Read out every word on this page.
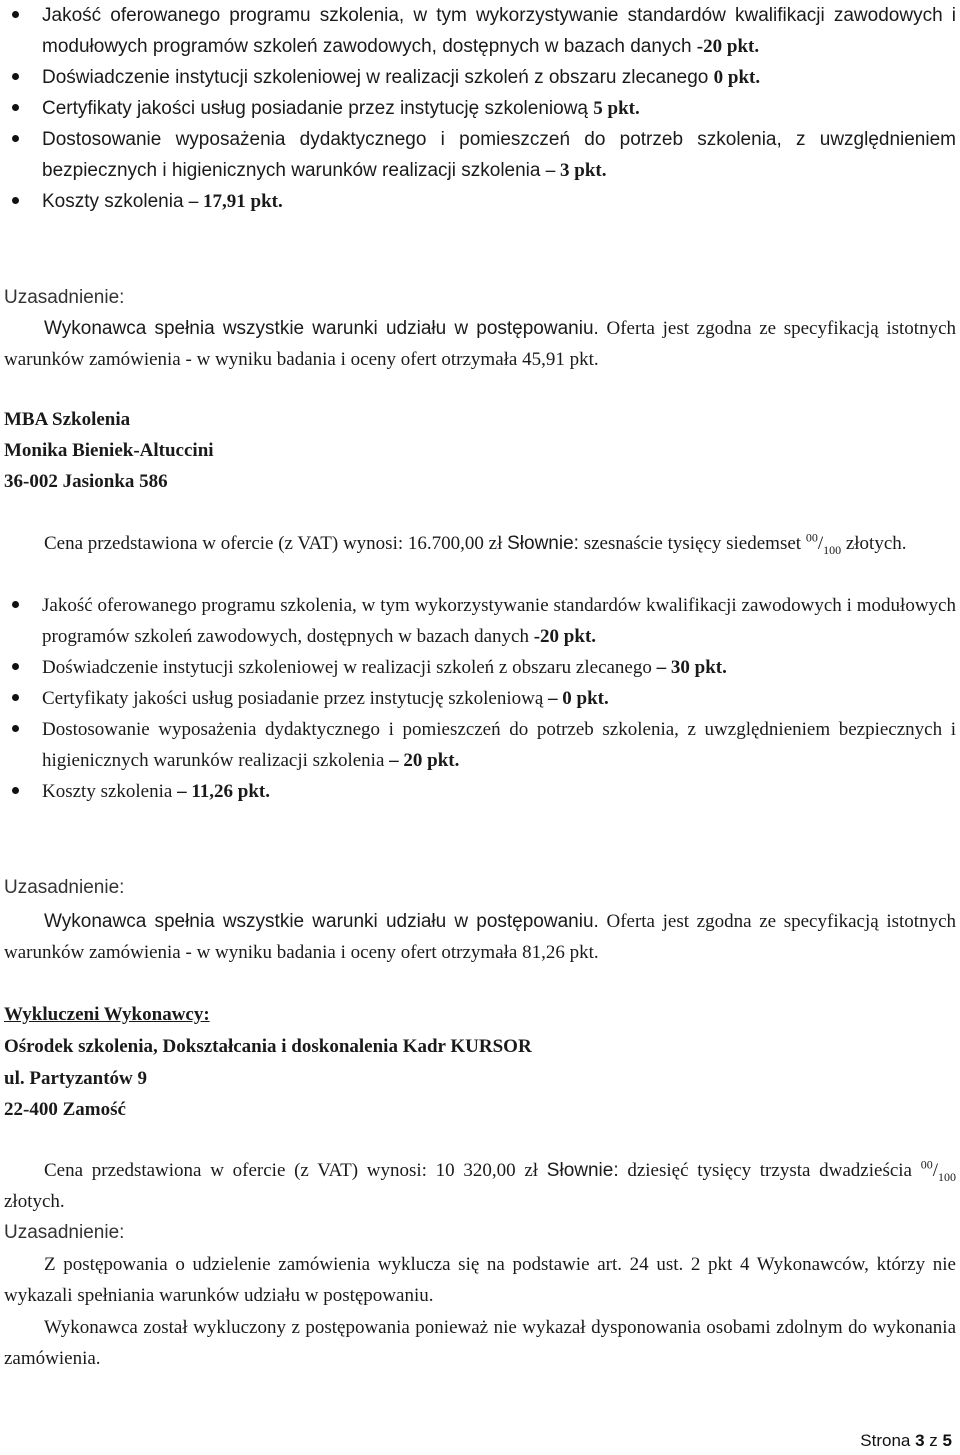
Jakość oferowanego programu szkolenia, w tym wykorzystywanie standardów kwalifikacji zawodowych i modułowych programów szkoleń zawodowych, dostępnych w bazach danych -20 pkt.
Doświadczenie instytucji szkoleniowej w realizacji szkoleń z obszaru zlecanego 0 pkt.
Certyfikaty jakości usług posiadanie przez instytucję szkoleniową 5 pkt.
Dostosowanie wyposażenia dydaktycznego i pomieszczeń do potrzeb szkolenia, z uwzględnieniem bezpiecznych i higienicznych warunków realizacji szkolenia – 3 pkt.
Koszty szkolenia – 17,91 pkt.

Uzasadnienie:

Wykonawca spełnia wszystkie warunki udziału w postępowaniu. Oferta jest zgodna ze specyfikacją istotnych warunków zamówienia - w wyniku badania i oceny ofert otrzymała 45,91 pkt.

MBA Szkolenia

Monika Bieniek-Altuccini

36-002 Jasionka 586

Cena przedstawiona w ofercie (z VAT) wynosi: 16.700,00 zł Słownie: szesnaście tysięcy siedemset $^{00}/_{100}$ złotych.

Jakość oferowanego programu szkolenia, w tym wykorzystywanie standardów kwalifikacji zawodowych i modułowych programów szkoleń zawodowych, dostępnych w bazach danych -20 pkt.
Doświadczenie instytucji szkoleniowej w realizacji szkoleń z obszaru zlecanego – 30 pkt.
Certyfikaty jakości usług posiadanie przez instytucję szkoleniową – 0 pkt.
Dostosowanie wyposażenia dydaktycznego i pomieszczeń do potrzeb szkolenia, z uwzględnieniem bezpiecznych i higienicznych warunków realizacji szkolenia – 20 pkt.
Koszty szkolenia – 11,26 pkt.

Uzasadnienie:

Wykonawca spełnia wszystkie warunki udziału w postępowaniu. Oferta jest zgodna ze specyfikacją istotnych warunków zamówienia - w wyniku badania i oceny ofert otrzymała 81,26 pkt.

Wykluczeni Wykonawcy:

Ośrodek szkolenia, Dokształcania i doskonalenia Kadr KURSOR

ul. Partyzantów 9

22-400 Zamość

Cena przedstawiona w ofercie (z VAT) wynosi: 10 320,00 zł Słownie: dziesięć tysięcy trzysta dwadzieścia $^{00}/_{100}$ złotych.

Uzasadnienie:

Z postępowania o udzielenie zamówienia wyklucza się na podstawie art. 24 ust. 2 pkt 4 Wykonawców, którzy nie wykazali spełniania warunków udziału w postępowaniu.

Wykonawca został wykluczony z postępowania ponieważ nie wykazał dysponowania osobami zdolnym do wykonania zamówienia.

Strona 3 z 5
